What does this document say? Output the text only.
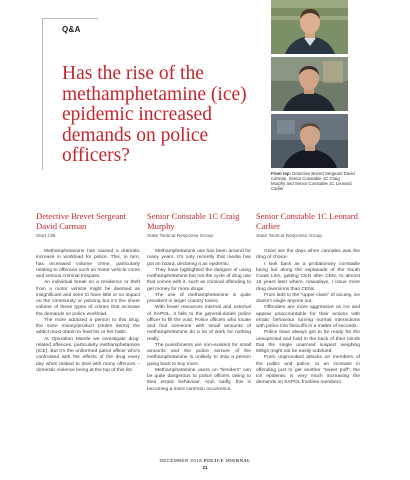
Q&A
Has the rise of the methamphetamine (ice) epidemic increased demands on police officers?
From top: Detective Brevet Sergeant David Carman, Senior Constable 1C Craig Murphy and Senior Constable 1C Leonard Carlier
Detective Brevet Sergeant David Carman
Sturt CIB

Methamphetamine has caused a dramatic increase in workload for police. This, in turn, has increased volume crime, particularly relating to offences such as motor vehicle crime and serious criminal trespass.

An individual break on a residence or theft from a motor vehicle might be deemed as insignificant and seen to have little or no impact on the community or policing but it’s the sheer volume of these types of crimes that increase the demands on police workload.

The more addicted a person to this drug, the more money/product (stolen items) the addict must obtain to feed his or her habit.

At Operation Mantle we investigate drug-related offences, particularly methamphetamine (ICE). But it’s the uniformed patrol officer who’s confronted with the effects of the drug every day when tasked to deal with many offences – domestic violence being at the top of this list.

Senior Constable 1C Craig Murphy
State Tactical Response Group

Methamphetamine use has been around for many years. It’s only recently that media has got on board, declaring it an epidemic.

They have highlighted the dangers of using methamphetamine but not the cycle of drug use that comes with it, such as criminal offending to get money for more drugs.

The use of methamphetamine is quite prevalent in larger country towns.

With fewer resources internal and external of SAPOL, it falls to the general-duties police officer to fill the void. Police officers who locate and find someone with small amounts of methamphetamine do a lot of work for nothing really.

The punishments are non-existent for small amounts and the police seizure of the methamphetamine is unlikely to stop a person going back to buy more.

Methamphetamine users on “benders” can be quite dangerous to police officers owing to their erratic behaviour. And, sadly, this is becoming a more common occurrence.

Senior Constable 1C Leonard Carlier
State Tactical Response Group

Gone are the days when cannabis was the drug of choice.

I look back as a probationary constable being led along the esplanade of the South Coast LSA, getting CEN after CEN, to almost 15 years later where, nowadays, I issue more drug diversions than CENs.

From kids to the “upper-class” of society, ice doesn’t single anyone out.

Offenders are more aggressive on ice and appear unaccountable for their actions with erratic behaviour turning normal interactions with police into fisticuffs in a matter of seconds.

Police have always got to be ready for the unexpected and hold in the back of their minds that the single unarmed suspect weighing 60kgs might not be easily subdued.

From unprovoked attacks on members of the public and police, to an increase in offending just to get another “sweet puff”, the ice epidemic is very much increasing the demands on SAPOL frontline members.

DECEMBER 2016 POLICE JOURNAL
21
